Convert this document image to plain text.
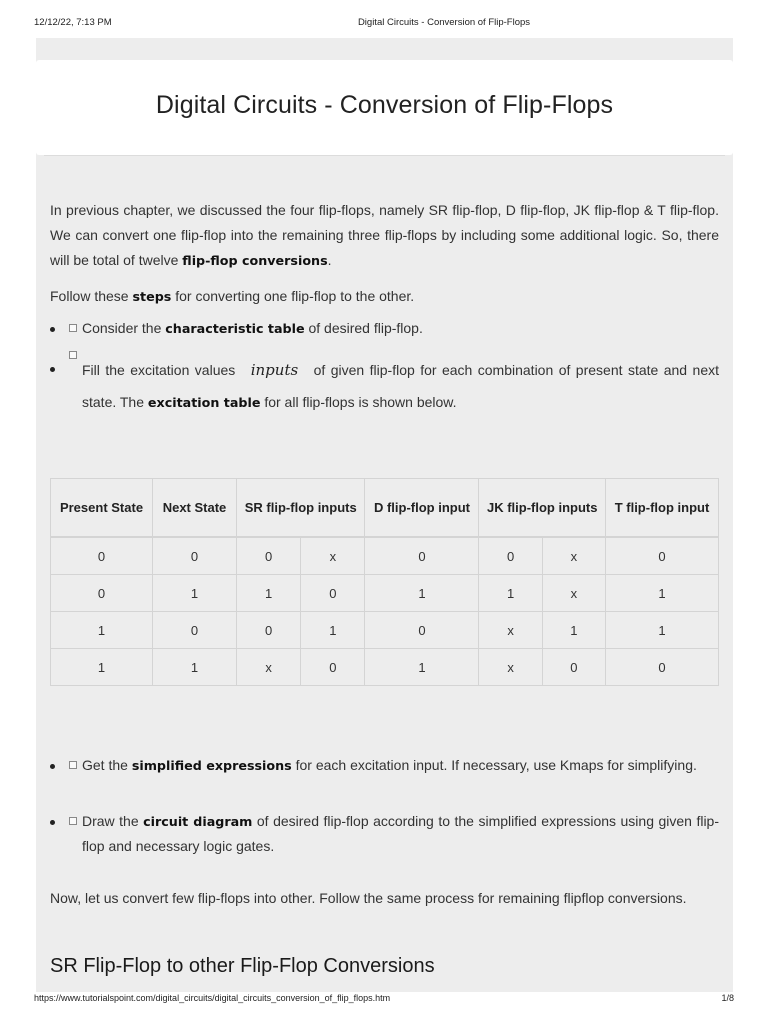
12/12/22, 7:13 PM	Digital Circuits - Conversion of Flip-Flops
Digital Circuits - Conversion of Flip-Flops

In previous chapter, we discussed the four flip-flops, namely SR flip-flop, D flip-flop, JK flip-flop & T flip-flop. We can convert one flip-flop into the remaining three flip-flops by including some additional logic. So, there will be total of twelve flip-flop conversions.

Follow these steps for converting one flip-flop to the other.

Consider the characteristic table of desired flip-flop.
Fill the excitation values inputs of given flip-flop for each combination of present state and next state. The excitation table for all flip-flops is shown below.
Present State	Next State	SR flip-flop inputs	D flip-flop input	JK flip-flop inputs	T flip-flop input

0	0	0	x	0	0	x	0
0	1	1	0	1	1	x	1
1	0	0	1	0	x	1	1
1	1	x	0	1	x	0	0
Get the simplified expressions for each excitation input. If necessary, use Kmaps for simplifying.
Draw the circuit diagram of desired flip-flop according to the simplified expressions using given flip-flop and necessary logic gates.

Now, let us convert few flip-flops into other. Follow the same process for remaining flipflop conversions.

SR Flip-Flop to other Flip-Flop Conversions

https://www.tutorialspoint.com/digital_circuits/digital_circuits_conversion_of_flip_flops.htm	1/8
